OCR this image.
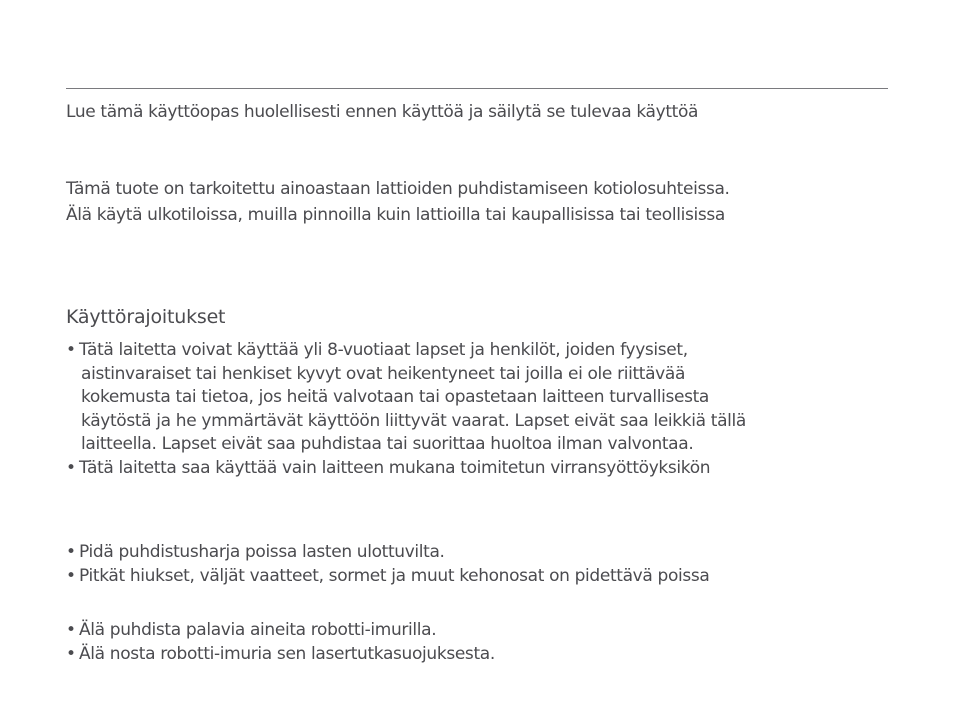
Lue tämä käyttöopas huolellisesti ennen käyttöä ja säilytä se tulevaa käyttöä
Tämä tuote on tarkoitettu ainoastaan lattioiden puhdistamiseen kotiolosuhteissa.
Älä käytä ulkotiloissa, muilla pinnoilla kuin lattioilla tai kaupallisissa tai teollisissa
Käyttörajoitukset
• Tätä laitetta voivat käyttää yli 8-vuotiaat lapset ja henkilöt, joiden fyysiset,
aistinvaraiset tai henkiset kyvyt ovat heikentyneet tai joilla ei ole riittävää
kokemusta tai tietoa, jos heitä valvotaan tai opastetaan laitteen turvallisesta
käytöstä ja he ymmärtävät käyttöön liittyvät vaarat. Lapset eivät saa leikkiä tällä
laitteella. Lapset eivät saa puhdistaa tai suorittaa huoltoa ilman valvontaa.
• Tätä laitetta saa käyttää vain laitteen mukana toimitetun virransyöttöyksikön
• Pidä puhdistusharja poissa lasten ulottuvilta.
• Pitkät hiukset, väljät vaatteet, sormet ja muut kehonosat on pidettävä poissa
• Älä puhdista palavia aineita robotti-imurilla.
• Älä nosta robotti-imuria sen lasertutkasuojuksesta.
